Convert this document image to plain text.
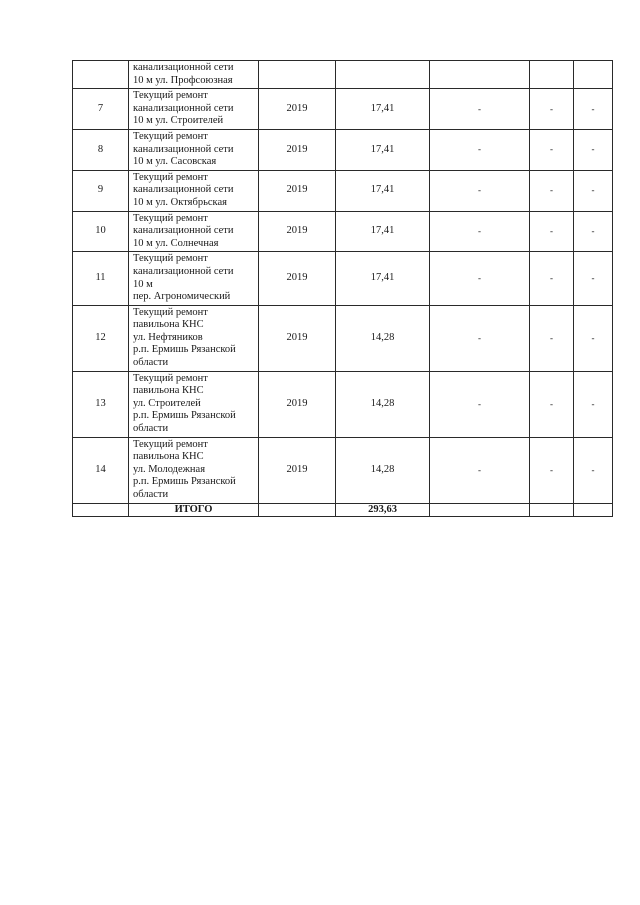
	канализационной сети
10 м ул. Профсоюзная					
7	Текущий ремонт
канализационной сети
10 м ул. Строителей	2019	17,41	-	-	-
8	Текущий ремонт
канализационной сети
10 м ул. Сасовская	2019	17,41	-	-	-
9	Текущий ремонт
канализационной сети
10 м ул. Октябрьская	2019	17,41	-	-	-
10	Текущий ремонт
канализационной сети
10 м ул. Солнечная	2019	17,41	-	-	-
11	Текущий ремонт
канализационной сети
10 м
пер. Агрономический	2019	17,41	-	-	-
12	Текущий ремонт
павильона КНС
ул. Нефтяников
р.п. Ермишь Рязанской
области	2019	14,28	-	-	-
13	Текущий ремонт
павильона КНС
ул. Строителей
р.п. Ермишь Рязанской
области	2019	14,28	-	-	-
14	Текущий ремонт
павильона КНС
ул. Молодежная
р.п. Ермишь Рязанской
области	2019	14,28	-	-	-
	ИТОГО		293,63			
